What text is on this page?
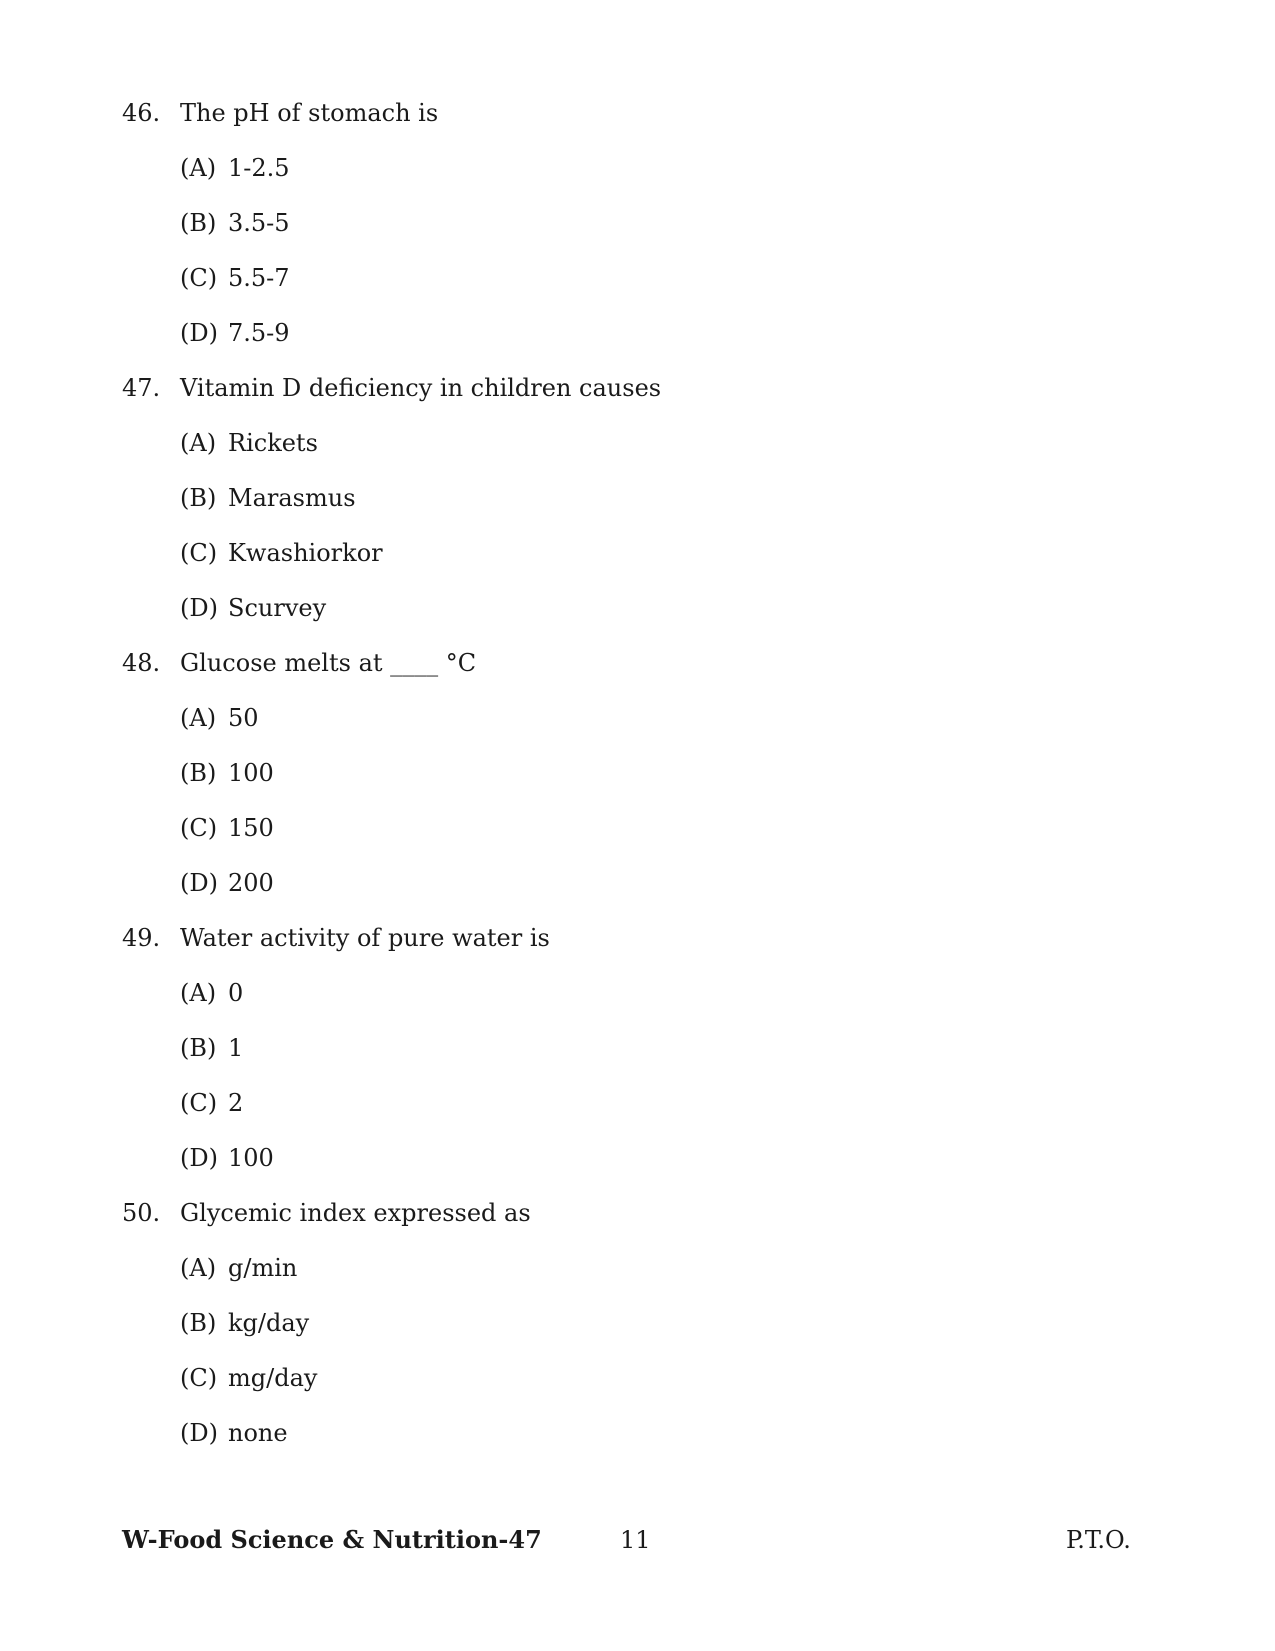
46. The pH of stomach is
(A) 1-2.5
(B) 3.5-5
(C) 5.5-7
(D) 7.5-9
47. Vitamin D deficiency in children causes
(A) Rickets
(B) Marasmus
(C) Kwashiorkor
(D) Scurvey
48. Glucose melts at ____ °C
(A) 50
(B) 100
(C) 150
(D) 200
49. Water activity of pure water is
(A) 0
(B) 1
(C) 2
(D) 100
50. Glycemic index expressed as
(A) g/min
(B) kg/day
(C) mg/day
(D) none
W-Food Science & Nutrition-47	11	P.T.O.
